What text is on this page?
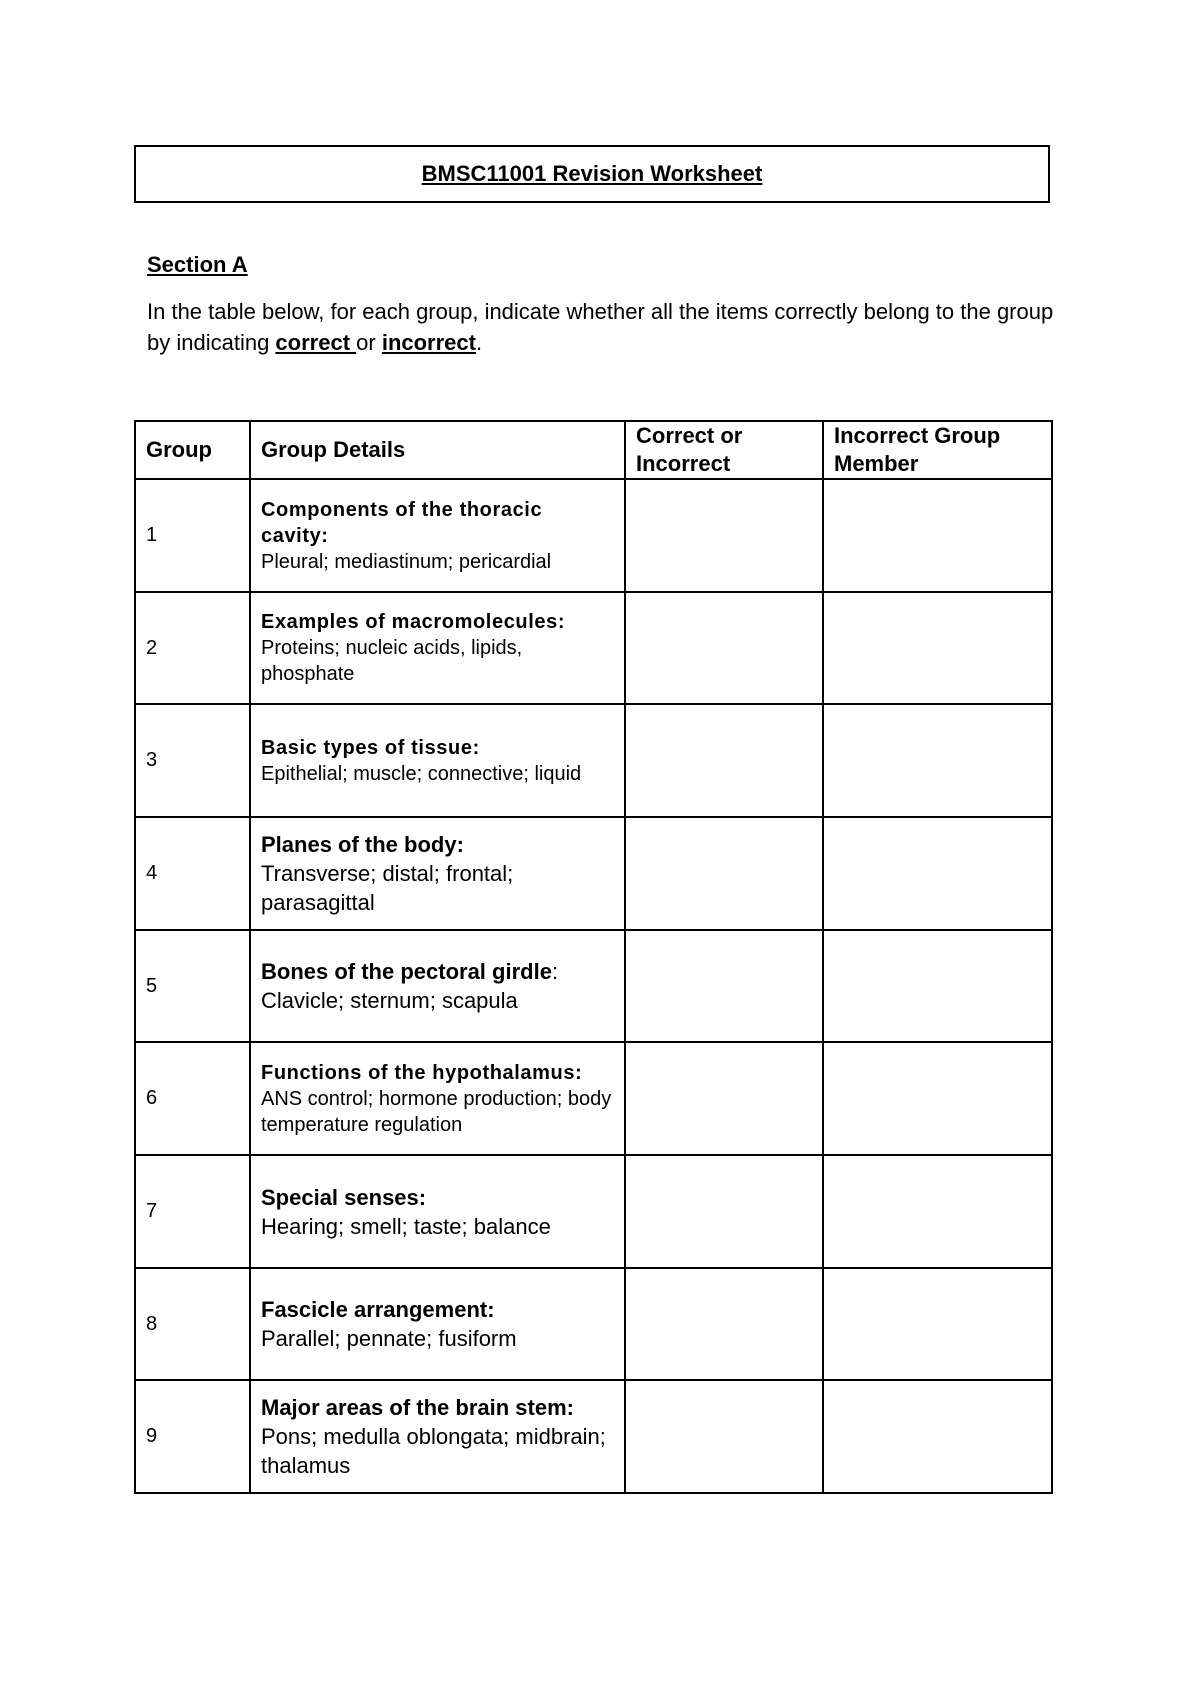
BMSC11001 Revision Worksheet
Section A
In the table below, for each group, indicate whether all the items correctly belong to the group by indicating correct or incorrect.
Group	Group Details	Correct or Incorrect	Incorrect Group Member
1	Components of the thoracic cavity:
Pleural; mediastinum; pericardial		

2	Examples of macromolecules:
Proteins; nucleic acids, lipids, phosphate		

3	Basic types of tissue:
Epithelial; muscle; connective; liquid		

4	Planes of the body:
Transverse; distal; frontal; parasagittal		

5	Bones of the pectoral girdle:
Clavicle; sternum; scapula		

6	Functions of the hypothalamus:
ANS control; hormone production; body temperature regulation		

7	Special senses:
Hearing; smell; taste; balance		

8	Fascicle arrangement:
Parallel; pennate; fusiform		

9	Major areas of the brain stem:
Pons; medulla oblongata; midbrain; thalamus		
